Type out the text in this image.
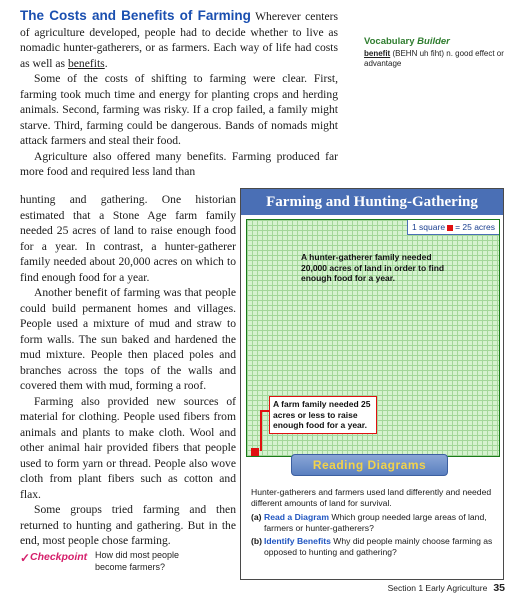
The Costs and Benefits of Farming Wherever centers of agriculture developed, people had to decide whether to live as nomadic hunter-gatherers, or as farmers. Each way of life had costs as well as benefits.

Some of the costs of shifting to farming were clear. First, farming took much time and energy for planting crops and herding animals. Second, farming was risky. If a crop failed, a family might starve. Third, farming could be dangerous. Bands of nomads might attack farmers and steal their food.

Agriculture also offered many benefits. Farming produced far more food and required less land than

hunting and gathering. One historian estimated that a Stone Age farm family needed 25 acres of land to raise enough food for a year. In contrast, a hunter-gatherer family needed about 20,000 acres on which to find enough food for a year.

Another benefit of farming was that people could build permanent homes and villages. People used a mixture of mud and straw to form walls. The sun baked and hardened the mud mixture. People then placed poles and branches across the tops of the walls and covered them with mud, forming a roof.

Farming also provided new sources of material for clothing. People used fibers from animals and plants to make cloth. Wool and other animal hair provided fibers that people used to form yarn or thread. People also wove cloth from plant fibers such as cotton and flax.

Some groups tried farming and then returned to hunting and gathering. But in the end, most people chose farming.

Vocabulary Builder
benefit (BEHN uh fiht) n. good effect or advantage
Farming and Hunting-Gathering
1 square = 25 acres
A hunter-gatherer family needed 20,000 acres of land in order to find enough food for a year.
A farm family needed 25 acres or less to raise enough food for a year.
Reading Diagrams

Hunter-gatherers and farmers used land differently and needed different amounts of land for survival.

(a) Read a Diagram Which group needed large areas of land, farmers or hunter-gatherers?
(b) Identify Benefits Why did people mainly choose farming as opposed to hunting and gathering?
✓ Checkpoint How did most people become farmers?
Section 1 Early Agriculture 35
